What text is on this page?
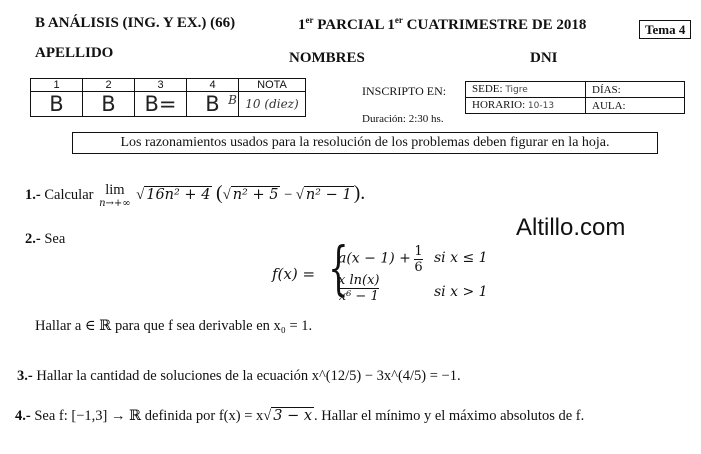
B ANÁLISIS (ING. Y EX.) (66)	1er PARCIAL 1er CUATRIMESTRE DE 2018	Tema 4
APELLIDO	NOMBRES	DNI
1	2	3	4	NOTA
B	B	B=	B B	10 (diez)
INSCRIPTO EN:
Duración: 2:30 hs.
SEDE: Tigre	DÍAS:
HORARIO: 10-13	AULA:
Los razonamientos usados para la resolución de los problemas deben figurar en la hoja.
1.- Calcular lim
n→+∞
√ 16n² + 4 (√ n² + 5 − √ n² − 1 ).
Altillo.com
2.- Sea
f(x) = {
$a(x - 1) + \frac{1}{6}$ si x ≤ 1
$\frac{\text{x ln(x)}}{\text{x⁶ − 1}}$	si x > 1
Hallar a ∈ ℝ para que f sea derivable en x₀ = 1.
3.- Hallar la cantidad de soluciones de la ecuación x^(12/5) − 3x^(4/5) = −1.
4.- Sea f: [−1,3] → ℝ definida por f(x) = x√ 3 − x . Hallar el mínimo y el máximo absolutos de f.
